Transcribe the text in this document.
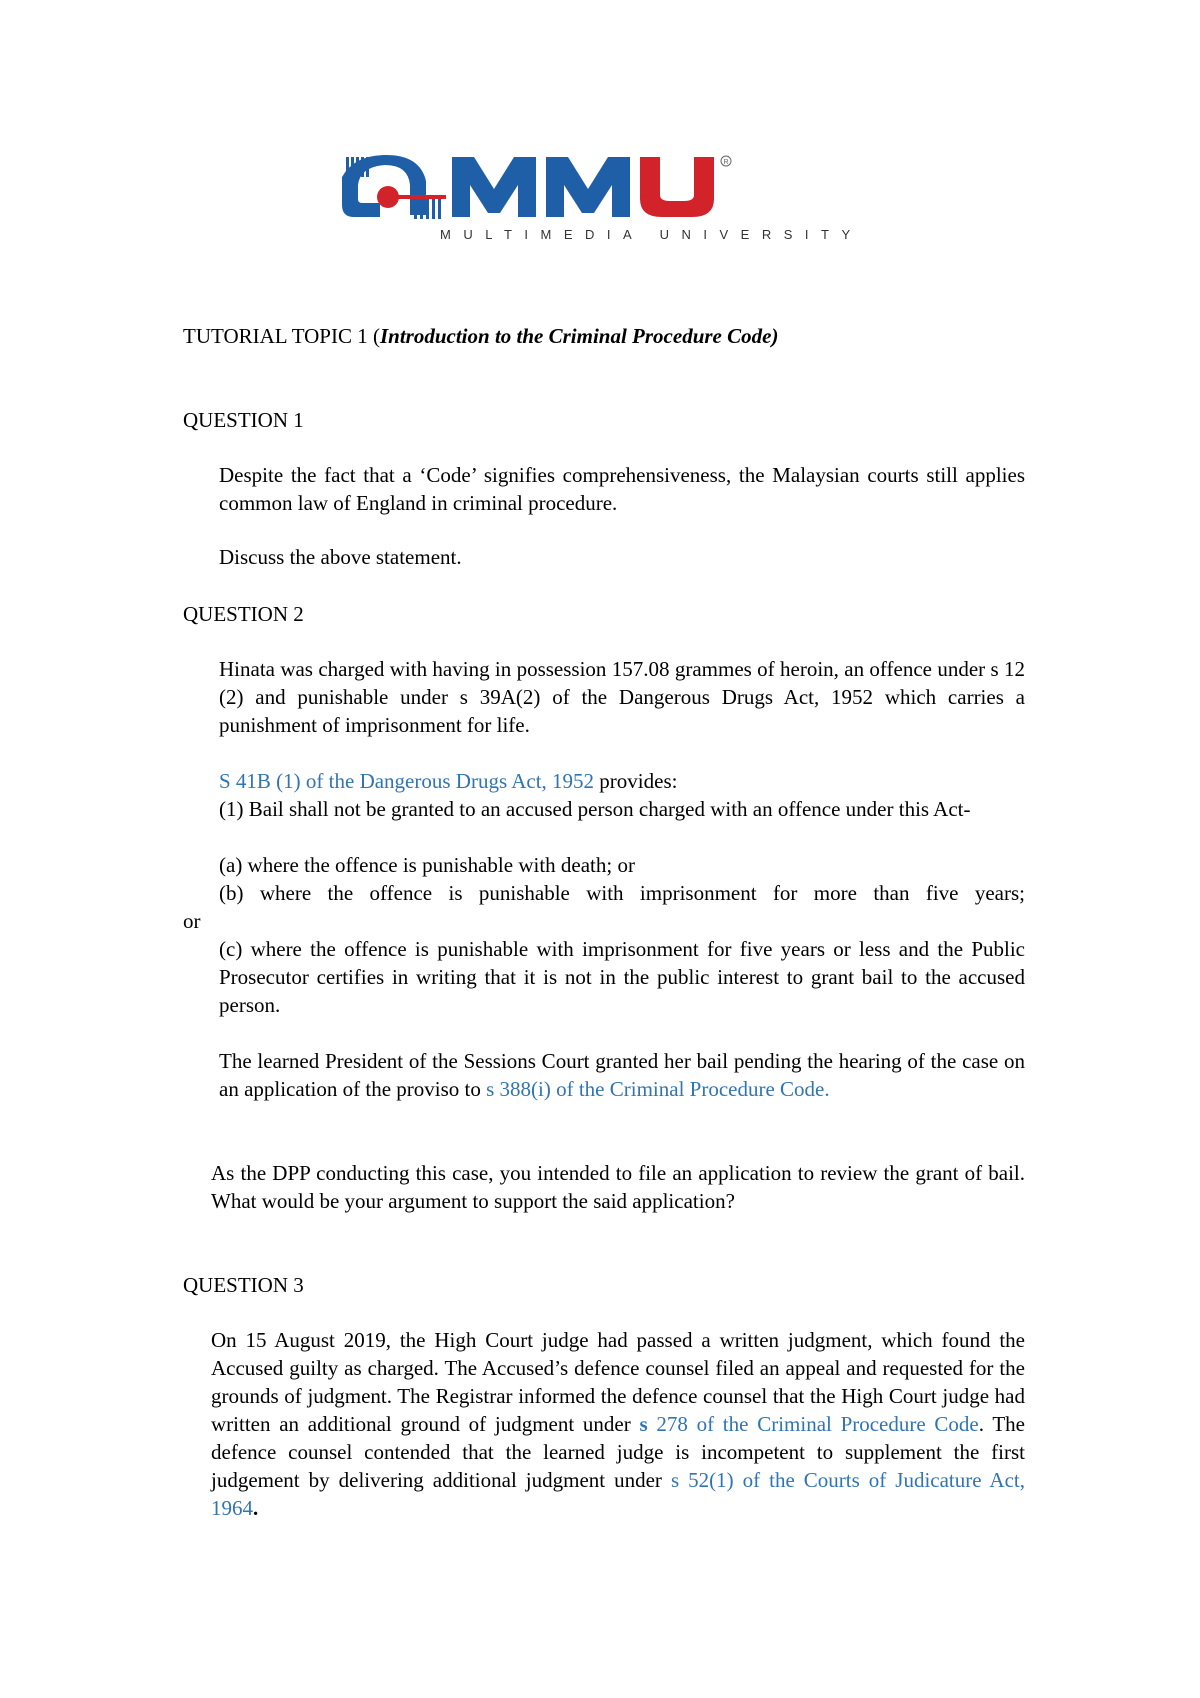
R
MULTIMEDIA UNIVERSITY

TUTORIAL TOPIC 1 (Introduction to the Criminal Procedure Code)

QUESTION 1

Despite the fact that a ‘Code’ signifies comprehensiveness, the Malaysian courts still applies common law of England in criminal procedure.

Discuss the above statement.

QUESTION 2

Hinata was charged with having in possession 157.08 grammes of heroin, an offence under s 12 (2) and punishable under s 39A(2) of the Dangerous Drugs Act, 1952 which carries a punishment of imprisonment for life.

S 41B (1) of the Dangerous Drugs Act, 1952 provides:

(1) Bail shall not be granted to an accused person charged with an offence under this Act-

(a) where the offence is punishable with death; or

(b) where the offence is punishable with imprisonment for more than five years;

or

(c) where the offence is punishable with imprisonment for five years or less and the Public Prosecutor certifies in writing that it is not in the public interest to grant bail to the accused person.

The learned President of the Sessions Court granted her bail pending the hearing of the case on an application of the proviso to s 388(i) of the Criminal Procedure Code.

As the DPP conducting this case, you intended to file an application to review the grant of bail. What would be your argument to support the said application?

QUESTION 3

On 15 August 2019, the High Court judge had passed a written judgment, which found the Accused guilty as charged. The Accused’s defence counsel filed an appeal and requested for the grounds of judgment. The Registrar informed the defence counsel that the High Court judge had written an additional ground of judgment under s 278 of the Criminal Procedure Code. The defence counsel contended that the learned judge is incompetent to supplement the first judgement by delivering additional judgment under s 52(1) of the Courts of Judicature Act, 1964.
